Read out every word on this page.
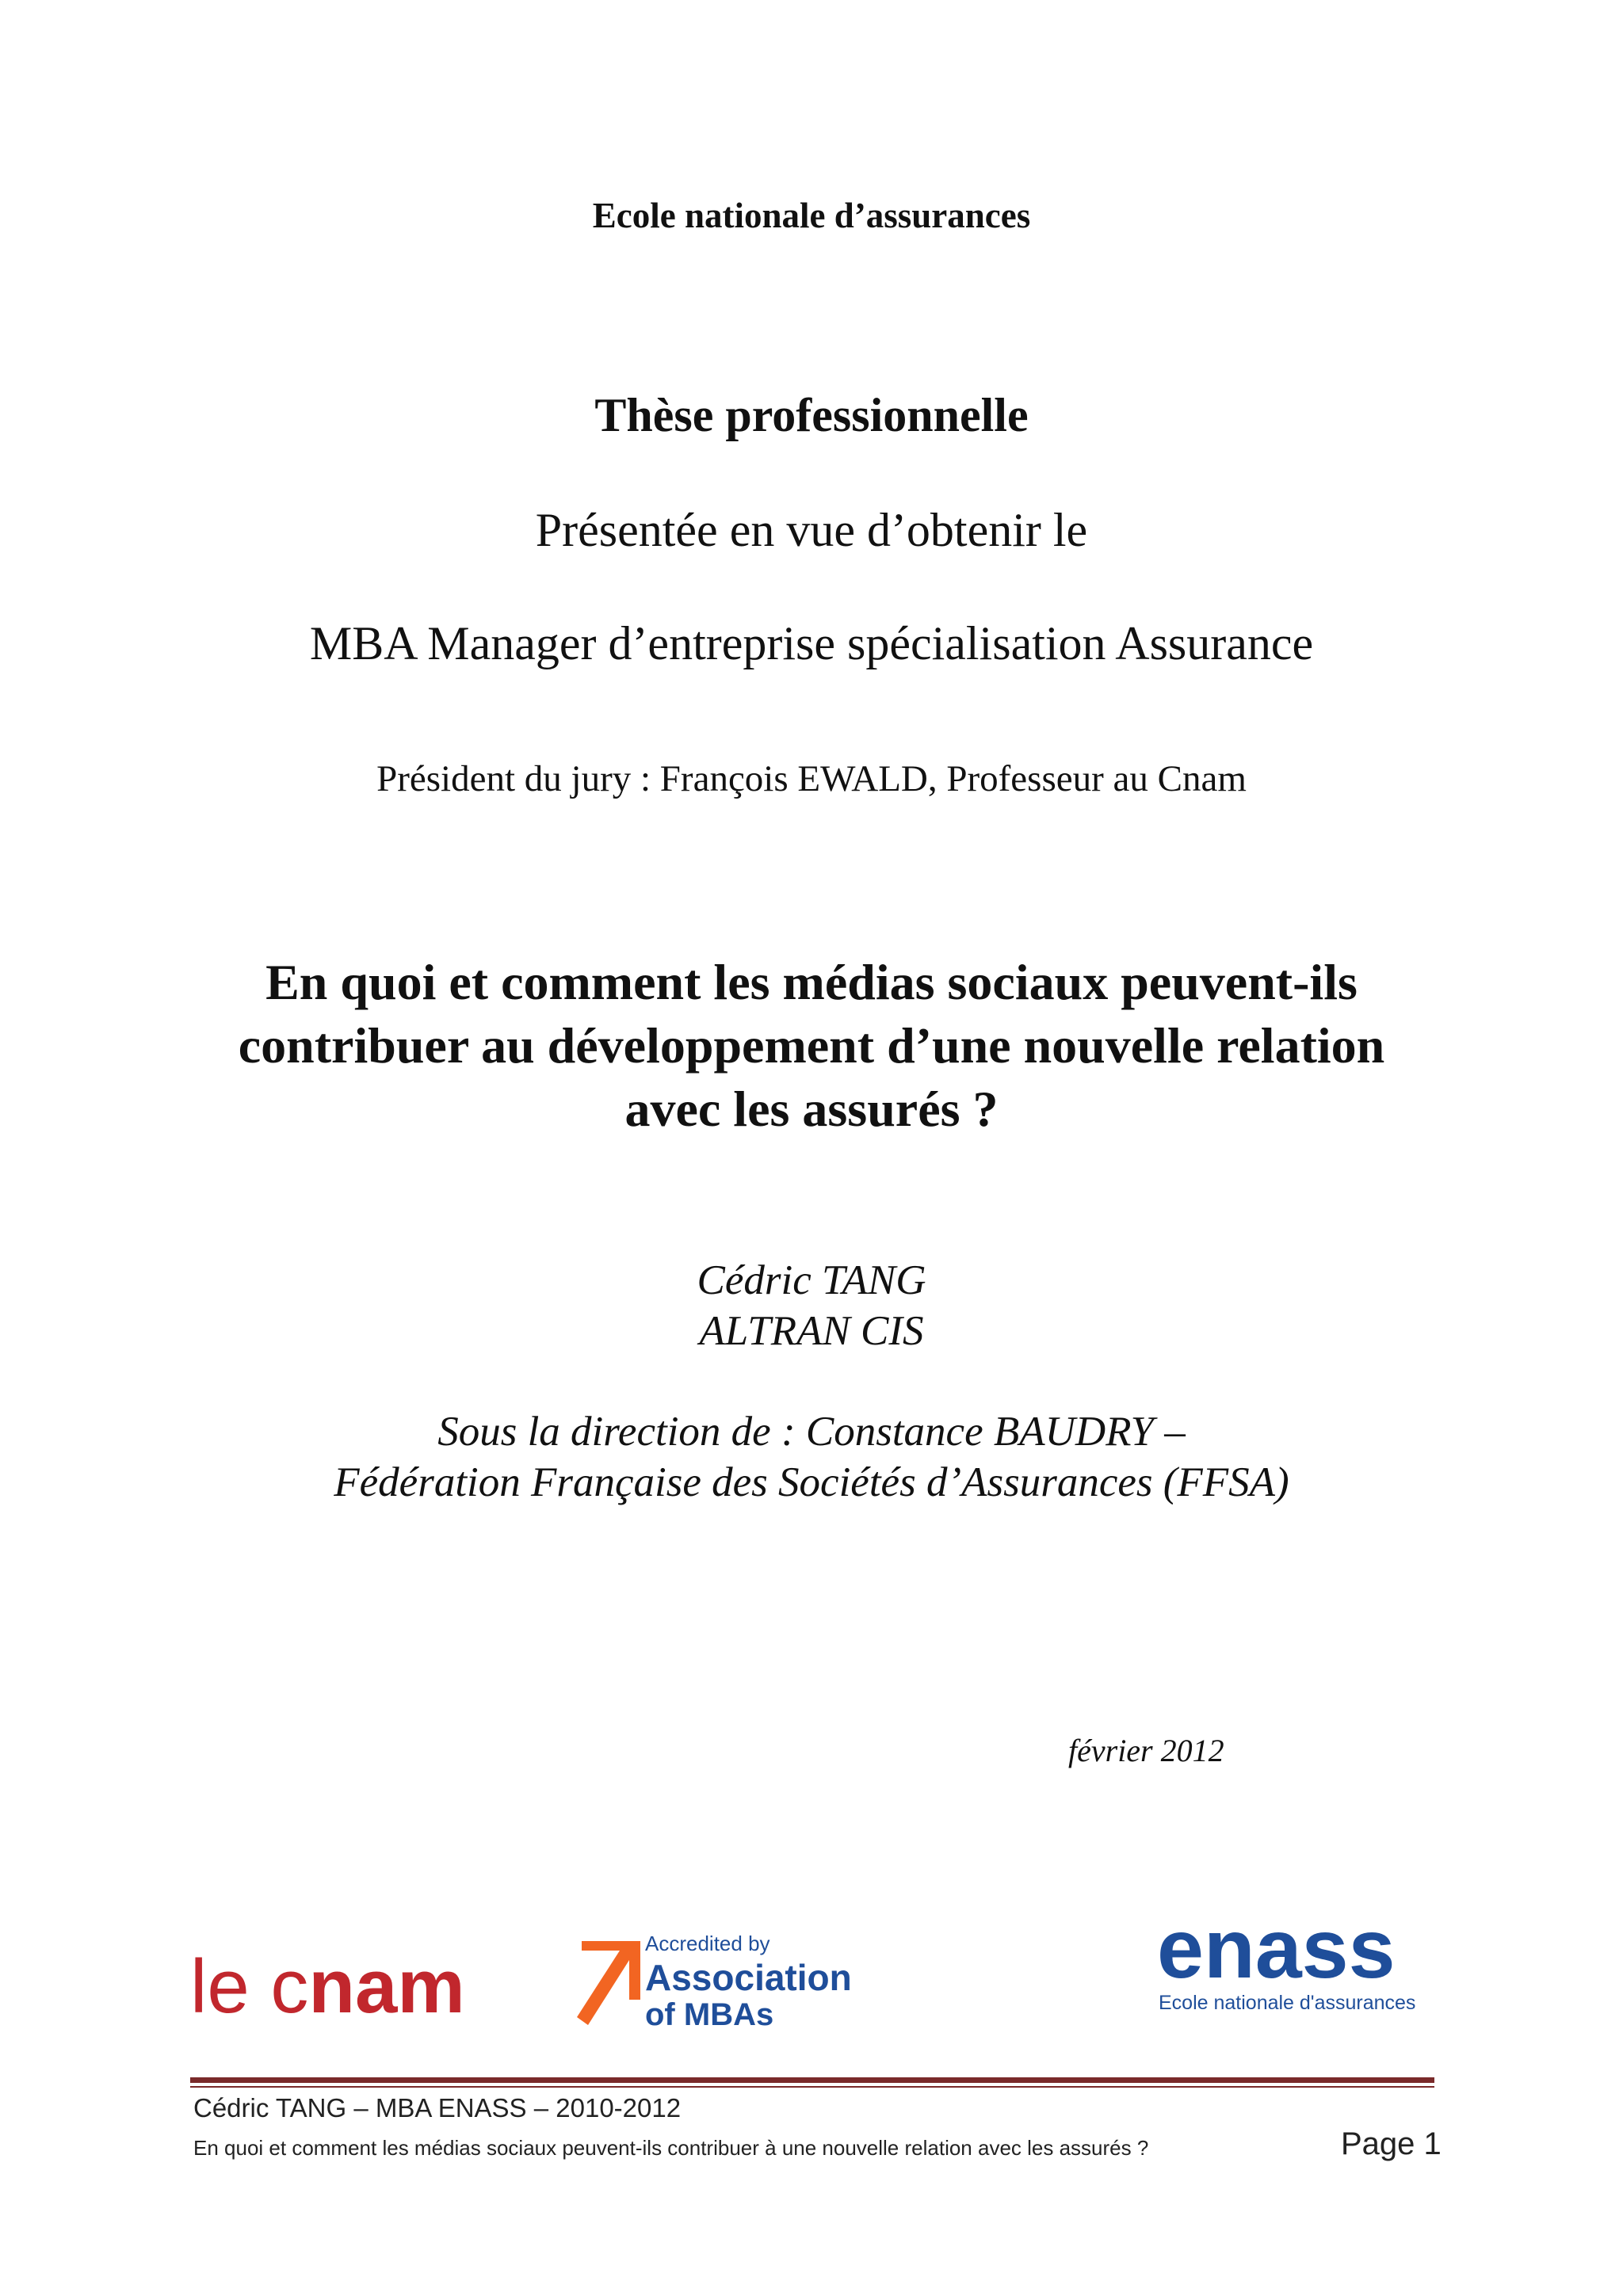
Ecole nationale d’assurances

Thèse professionnelle

Présentée en vue d’obtenir le

MBA Manager d’entreprise spécialisation Assurance

Président du jury : François EWALD, Professeur au Cnam

En quoi et comment les médias sociaux peuvent-ils
contribuer au développement d’une nouvelle relation
avec les assurés ?

Cédric TANG

ALTRAN CIS

Sous la direction de : Constance BAUDRY –

Fédération Française des Sociétés d’Assurances (FFSA)

février 2012

le cnam
Accredited by
Association
of MBAs
enass
Ecole nationale d'assurances

Cédric TANG – MBA ENASS – 2010-2012

En quoi et comment les médias sociaux peuvent-ils contribuer à une nouvelle relation avec les assurés ?	Page 1
